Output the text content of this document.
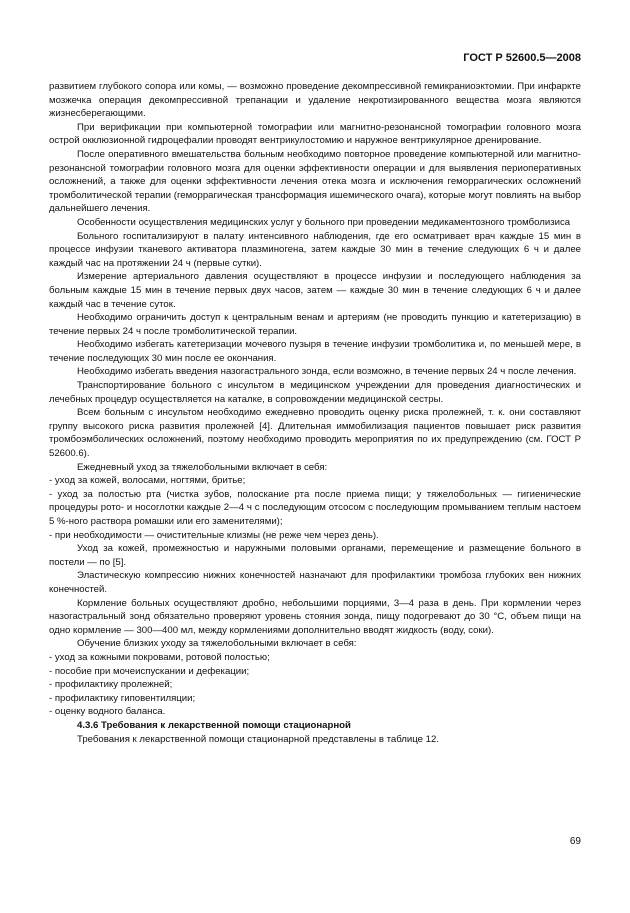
ГОСТ Р 52600.5—2008

развитием глубокого сопора или комы, — возможно проведение декомпрессивной гемикраниоэктомии. При инфаркте мозжечка операция декомпрессивной трепанации и удаление некротизированного вещества мозга являются жизнесберегающими.

При верификации при компьютерной томографии или магнитно-резонансной томографии головного мозга острой окклюзионной гидроцефалии проводят вентрикулостомию и наружное вентрикулярное дренирование.

После оперативного вмешательства больным необходимо повторное проведение компьютерной или магнитно-резонансной томографии головного мозга для оценки эффективности операции и для выявления периоперативных осложнений, а также для оценки эффективности лечения отека мозга и исключения геморрагических осложнений тромболитической терапии (геморрагическая трансформация ишемического очага), которые могут повлиять на выбор дальнейшего лечения.

Особенности осуществления медицинских услуг у больного при проведении медикаментозного тромболизиса

Больного госпитализируют в палату интенсивного наблюдения, где его осматривает врач каждые 15 мин в процессе инфузии тканевого активатора плазминогена, затем каждые 30 мин в течение следующих 6 ч и далее каждый час на протяжении 24 ч (первые сутки).

Измерение артериального давления осуществляют в процессе инфузии и последующего наблюдения за больным каждые 15 мин в течение первых двух часов, затем — каждые 30 мин в течение следующих 6 ч и далее каждый час в течение суток.

Необходимо ограничить доступ к центральным венам и артериям (не проводить пункцию и катетеризацию) в течение первых 24 ч после тромболитической терапии.

Необходимо избегать катетеризации мочевого пузыря в течение инфузии тромболитика и, по меньшей мере, в течение последующих 30 мин после ее окончания.

Необходимо избегать введения назогастрального зонда, если возможно, в течение первых 24 ч после лечения.

Транспортирование больного с инсультом в медицинском учреждении для проведения диагностических и лечебных процедур осуществляется на каталке, в сопровождении медицинской сестры.

Всем больным с инсультом необходимо ежедневно проводить оценку риска пролежней, т. к. они составляют группу высокого риска развития пролежней [4]. Длительная иммобилизация пациентов повышает риск развития тромбоэмболических осложнений, поэтому необходимо проводить мероприятия по их предупреждению (см. ГОСТ Р 52600.6).

Ежедневный уход за тяжелобольными включает в себя:

- уход за кожей, волосами, ногтями, бритье;

- уход за полостью рта (чистка зубов, полоскание рта после приема пищи; у тяжелобольных — гигиенические процедуры рото- и носоглотки каждые 2—4 ч с последующим отсосом с последующим промыванием теплым настоем 5 %-ного раствора ромашки или его заменителями);

- при необходимости — очистительные клизмы (не реже чем через день).

Уход за кожей, промежностью и наружными половыми органами, перемещение и размещение больного в постели — по [5].

Эластическую компрессию нижних конечностей назначают для профилактики тромбоза глубоких вен нижних конечностей.

Кормление больных осуществляют дробно, небольшими порциями, 3—4 раза в день. При кормлении через назогастральный зонд обязательно проверяют уровень стояния зонда, пищу подогревают до 30 °С, объем пищи на одно кормление — 300—400 мл, между кормлениями дополнительно вводят жидкость (воду, соки).

Обучение близких уходу за тяжелобольными включает в себя:

- уход за кожными покровами, ротовой полостью;

- пособие при мочеиспускании и дефекации;

- профилактику пролежней;

- профилактику гиповентиляции;

- оценку водного баланса.

4.3.6 Требования к лекарственной помощи стационарной

Требования к лекарственной помощи стационарной представлены в таблице 12.

69
